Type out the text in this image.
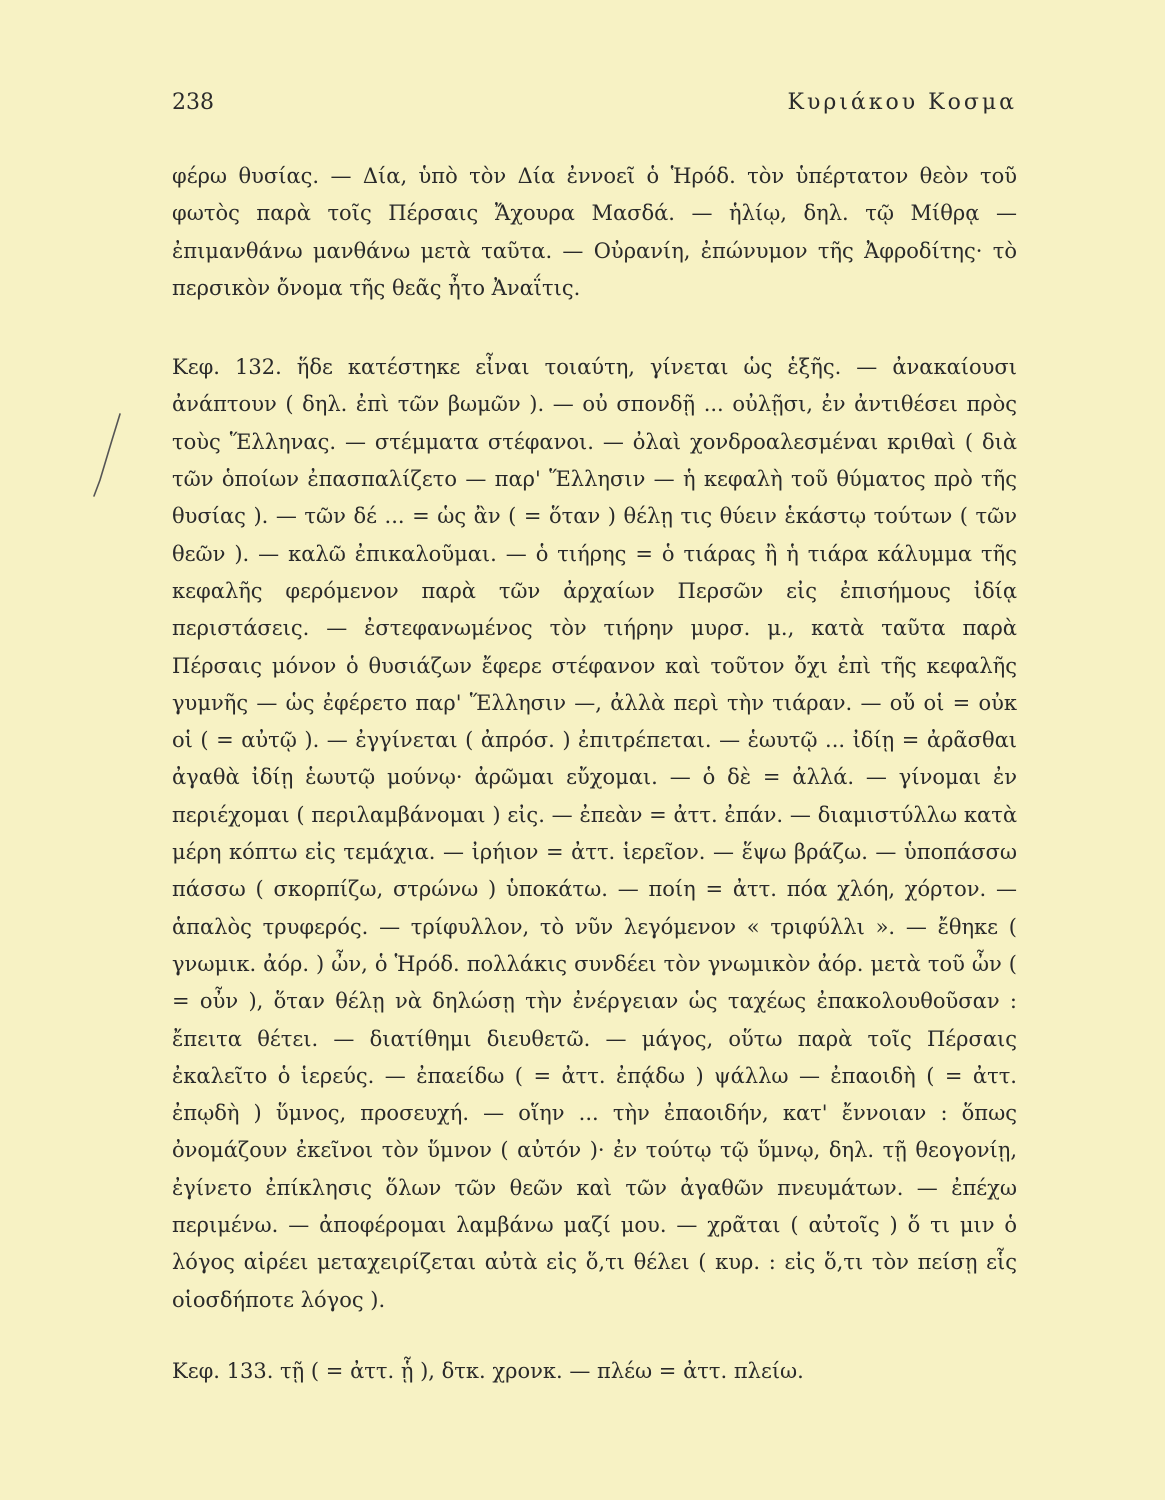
238	Κυριάκου Κοσμα

φέρω θυσίας. — Δία, ὑπὸ τὸν Δία ἐννοεῖ ὁ Ἡρόδ. τὸν ὑπέρτατον θεὸν τοῦ φωτὸς παρὰ τοῖς Πέρσαις Ἄχουρα Μασδά. — ἡλίῳ, δηλ. τῷ Μίθρᾳ — ἐπιμανθάνω μανθάνω μετὰ ταῦτα. — Οὐρανίη, ἐπώνυμον τῆς Ἀφροδίτης· τὸ περσικὸν ὄνομα τῆς θεᾶς ἦτο Ἀναΐτις.

Κεφ. 132. ἥδε κατέστηκε εἶναι τοιαύτη, γίνεται ὡς ἑξῆς. — ἀνακαίουσι ἀνάπτουν ( δηλ. ἐπὶ τῶν βωμῶν ). — οὐ σπονδῇ ... οὐλῇσι, ἐν ἀντιθέσει πρὸς τοὺς Ἕλληνας. — στέμματα στέφανοι. — ὀλαὶ χονδροαλεσμέναι κριθαὶ ( διὰ τῶν ὁποίων ἐπασπαλίζετο — παρ' Ἕλλησιν — ἡ κεφαλὴ τοῦ θύματος πρὸ τῆς θυσίας ). — τῶν δέ ... = ὡς ἂν ( = ὅταν ) θέλῃ τις θύειν ἑκάστῳ τούτων ( τῶν θεῶν ). — καλῶ ἐπικαλοῦμαι. — ὁ τιήρης = ὁ τιάρας ἢ ἡ τιάρα κάλυμμα τῆς κεφαλῆς φερόμενον παρὰ τῶν ἀρχαίων Περσῶν εἰς ἐπισήμους ἰδίᾳ περιστάσεις. — ἐστεφανωμένος τὸν τιήρην μυρσ. μ., κατὰ ταῦτα παρὰ Πέρσαις μόνον ὁ θυσιάζων ἔφερε στέφανον καὶ τοῦτον ὄχι ἐπὶ τῆς κεφαλῆς γυμνῆς — ὡς ἐφέρετο παρ' Ἕλλησιν —, ἀλλὰ περὶ τὴν τιάραν. — οὔ οἱ = οὐκ οἱ ( = αὐτῷ ). — ἐγγίνεται ( ἀπρόσ. ) ἐπιτρέπεται. — ἑωυτῷ ... ἰδίῃ = ἀρᾶσθαι ἀγαθὰ ἰδίῃ ἑωυτῷ μούνῳ· ἀρῶμαι εὔχομαι. — ὁ δὲ = ἀλλά. — γίνομαι ἐν περιέχομαι ( περιλαμβάνομαι ) εἰς. — ἐπεὰν = ἀττ. ἐπάν. — διαμιστύλλω κατὰ μέρη κόπτω εἰς τεμάχια. — ἰρήιον = ἀττ. ἱερεῖον. — ἕψω βράζω. — ὑποπάσσω πάσσω ( σκορπίζω, στρώνω ) ὑποκάτω. — ποίη = ἀττ. πόα χλόη, χόρτον. — ἁπαλὸς τρυφερός. — τρίφυλλον, τὸ νῦν λεγόμενον « τριφύλλι ». — ἔθηκε ( γνωμικ. ἀόρ. ) ὦν, ὁ Ἡρόδ. πολλάκις συνδέει τὸν γνωμικὸν ἀόρ. μετὰ τοῦ ὦν ( = οὖν ), ὅταν θέλῃ νὰ δηλώσῃ τὴν ἐνέργειαν ὡς ταχέως ἐπακολουθοῦσαν : ἔπειτα θέτει. — διατίθημι διευθετῶ. — μάγος, οὕτω παρὰ τοῖς Πέρσαις ἐκαλεῖτο ὁ ἱερεύς. — ἐπαείδω ( = ἀττ. ἐπᾴδω ) ψάλλω — ἐπαοιδὴ ( = ἀττ. ἐπῳδὴ ) ὕμνος, προσευχή. — οἵην ... τὴν ἐπαοιδήν, κατ' ἔννοιαν : ὅπως ὀνομάζουν ἐκεῖνοι τὸν ὕμνον ( αὐτόν )· ἐν τούτῳ τῷ ὕμνῳ, δηλ. τῇ θεογονίῃ, ἐγίνετο ἐπίκλησις ὅλων τῶν θεῶν καὶ τῶν ἀγαθῶν πνευμάτων. — ἐπέχω περιμένω. — ἀποφέρομαι λαμβάνω μαζί μου. — χρᾶται ( αὐτοῖς ) ὅ τι μιν ὁ λόγος αἱρέει μεταχειρίζεται αὐτὰ εἰς ὅ,τι θέλει ( κυρ. : εἰς ὅ,τι τὸν πείσῃ εἷς οἱοσδήποτε λόγος ).

Κεφ. 133. τῇ ( = ἀττ. ᾗ ), δτκ. χρονκ. — πλέω = ἀττ. πλείω.
